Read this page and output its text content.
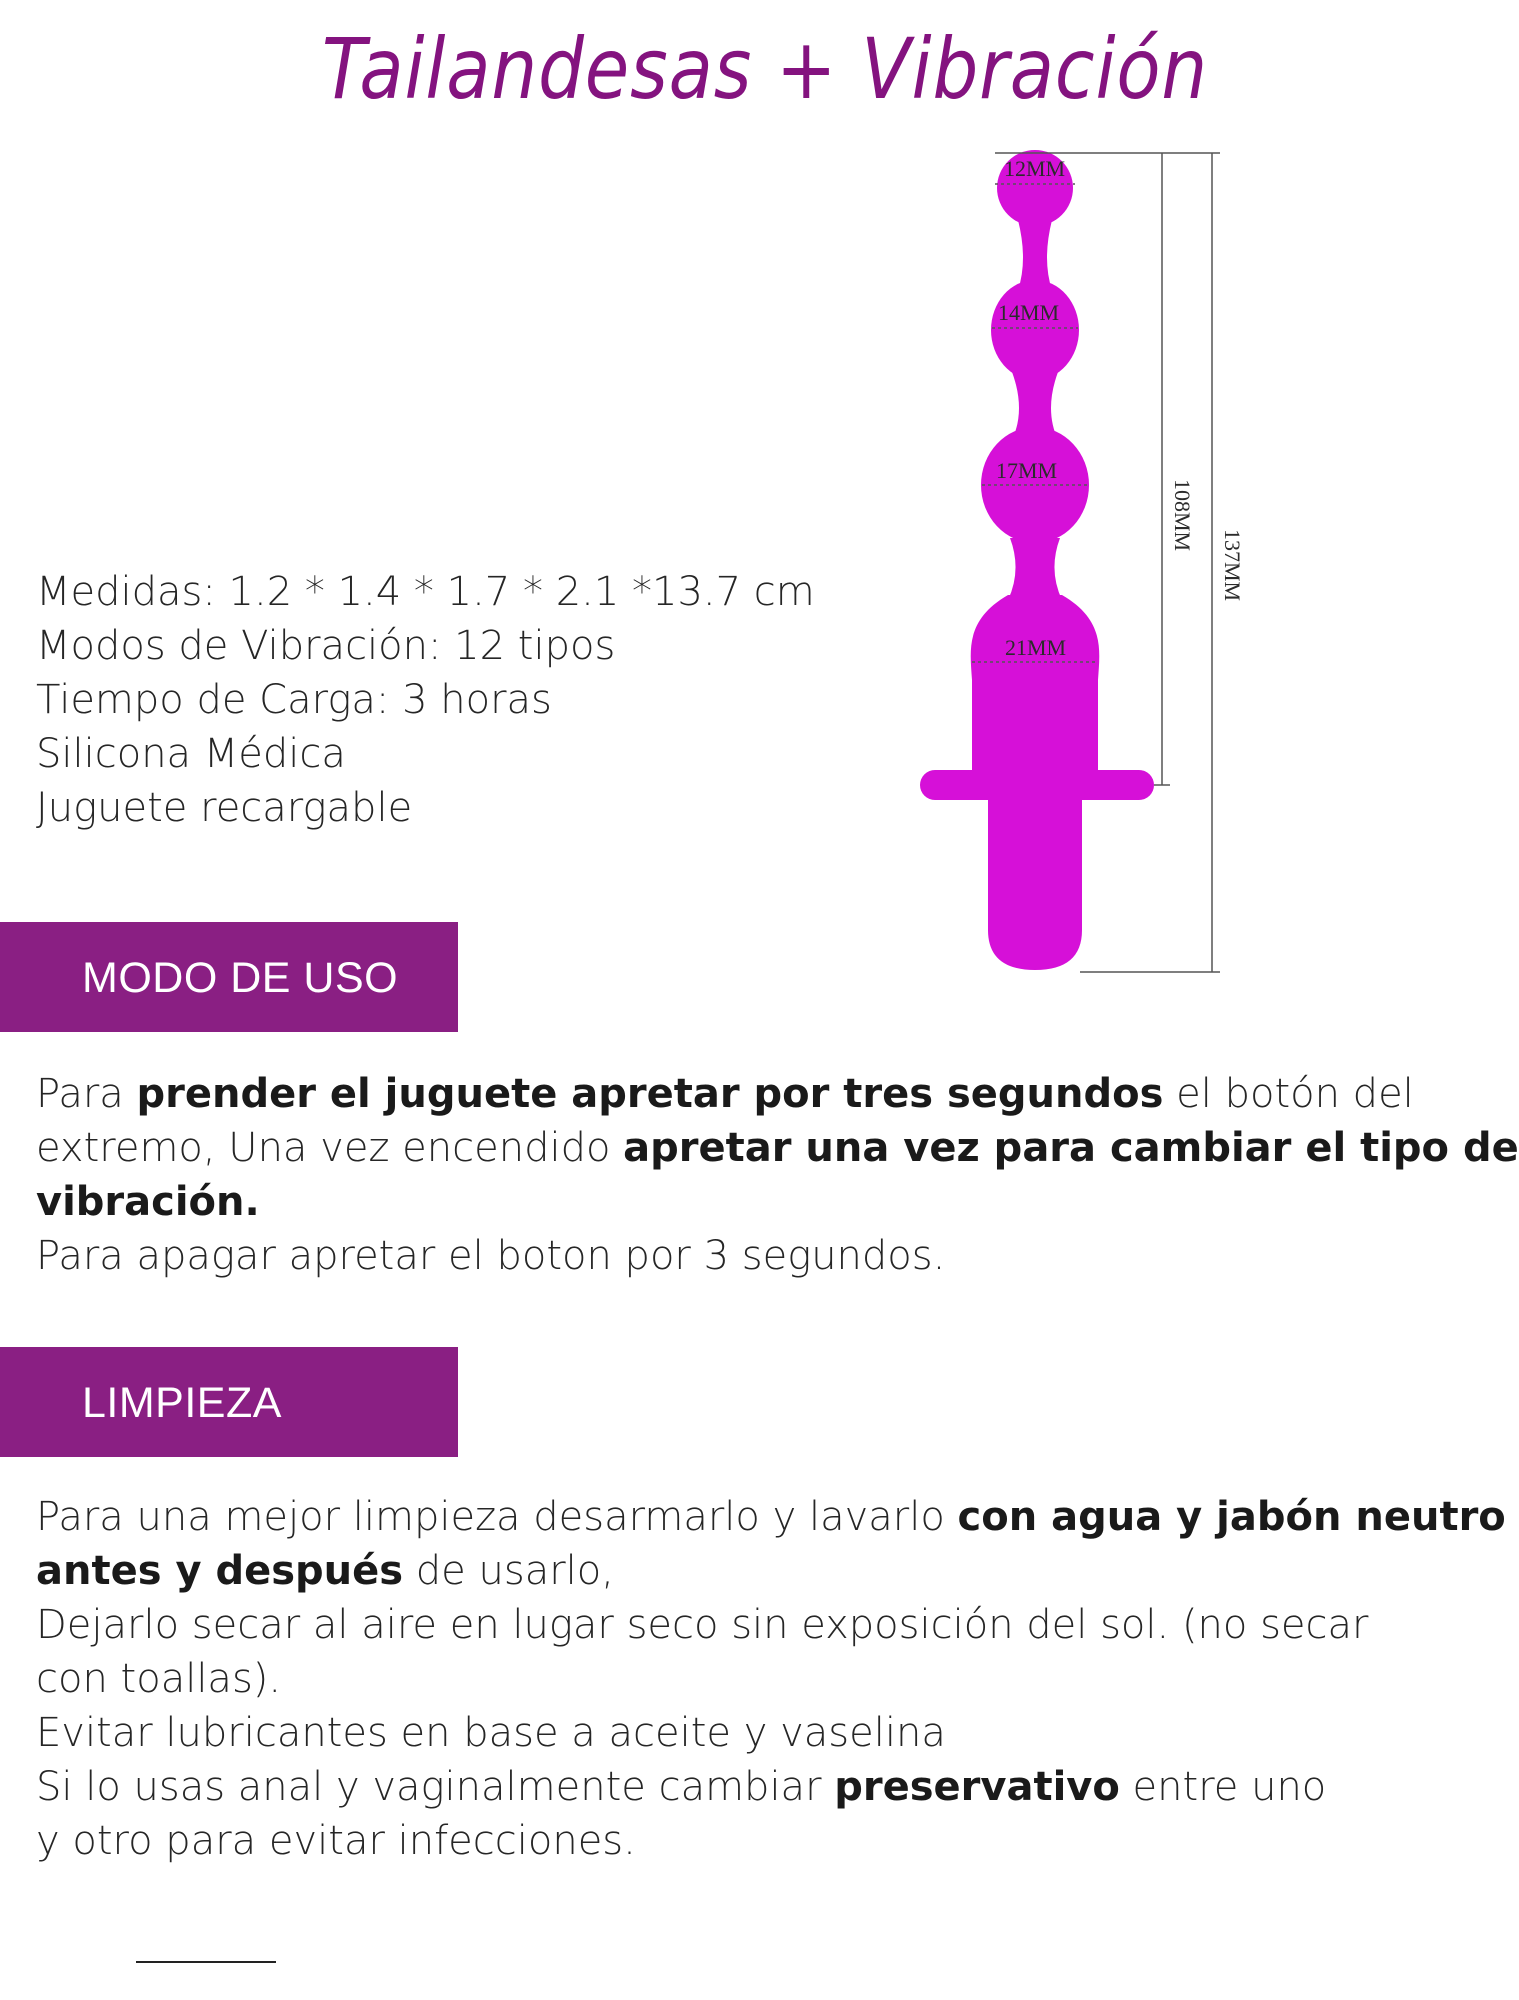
Tailandesas + Vibración
Medidas: 1.2 * 1.4 * 1.7 * 2.1 *13.7 cm
Modos de Vibración: 12 tipos
Tiempo de Carga: 3 horas
Silicona Médica
Juguete recargable
12MM
14MM
17MM
21MM
108MM
137MM
MODO DE USO
Para prender el juguete apretar por tres segundos el botón del
extremo, Una vez encendido apretar una vez para cambiar el tipo de
vibración.
Para apagar apretar el boton por 3 segundos.
LIMPIEZA
Para una mejor limpieza desarmarlo y lavarlo con agua y jabón neutro
antes y después de usarlo,
Dejarlo secar al aire en lugar seco sin exposición del sol. (no secar
con toallas).
Evitar lubricantes en base a aceite y vaselina
Si lo usas anal y vaginalmente cambiar preservativo entre uno
y otro para evitar infecciones.
